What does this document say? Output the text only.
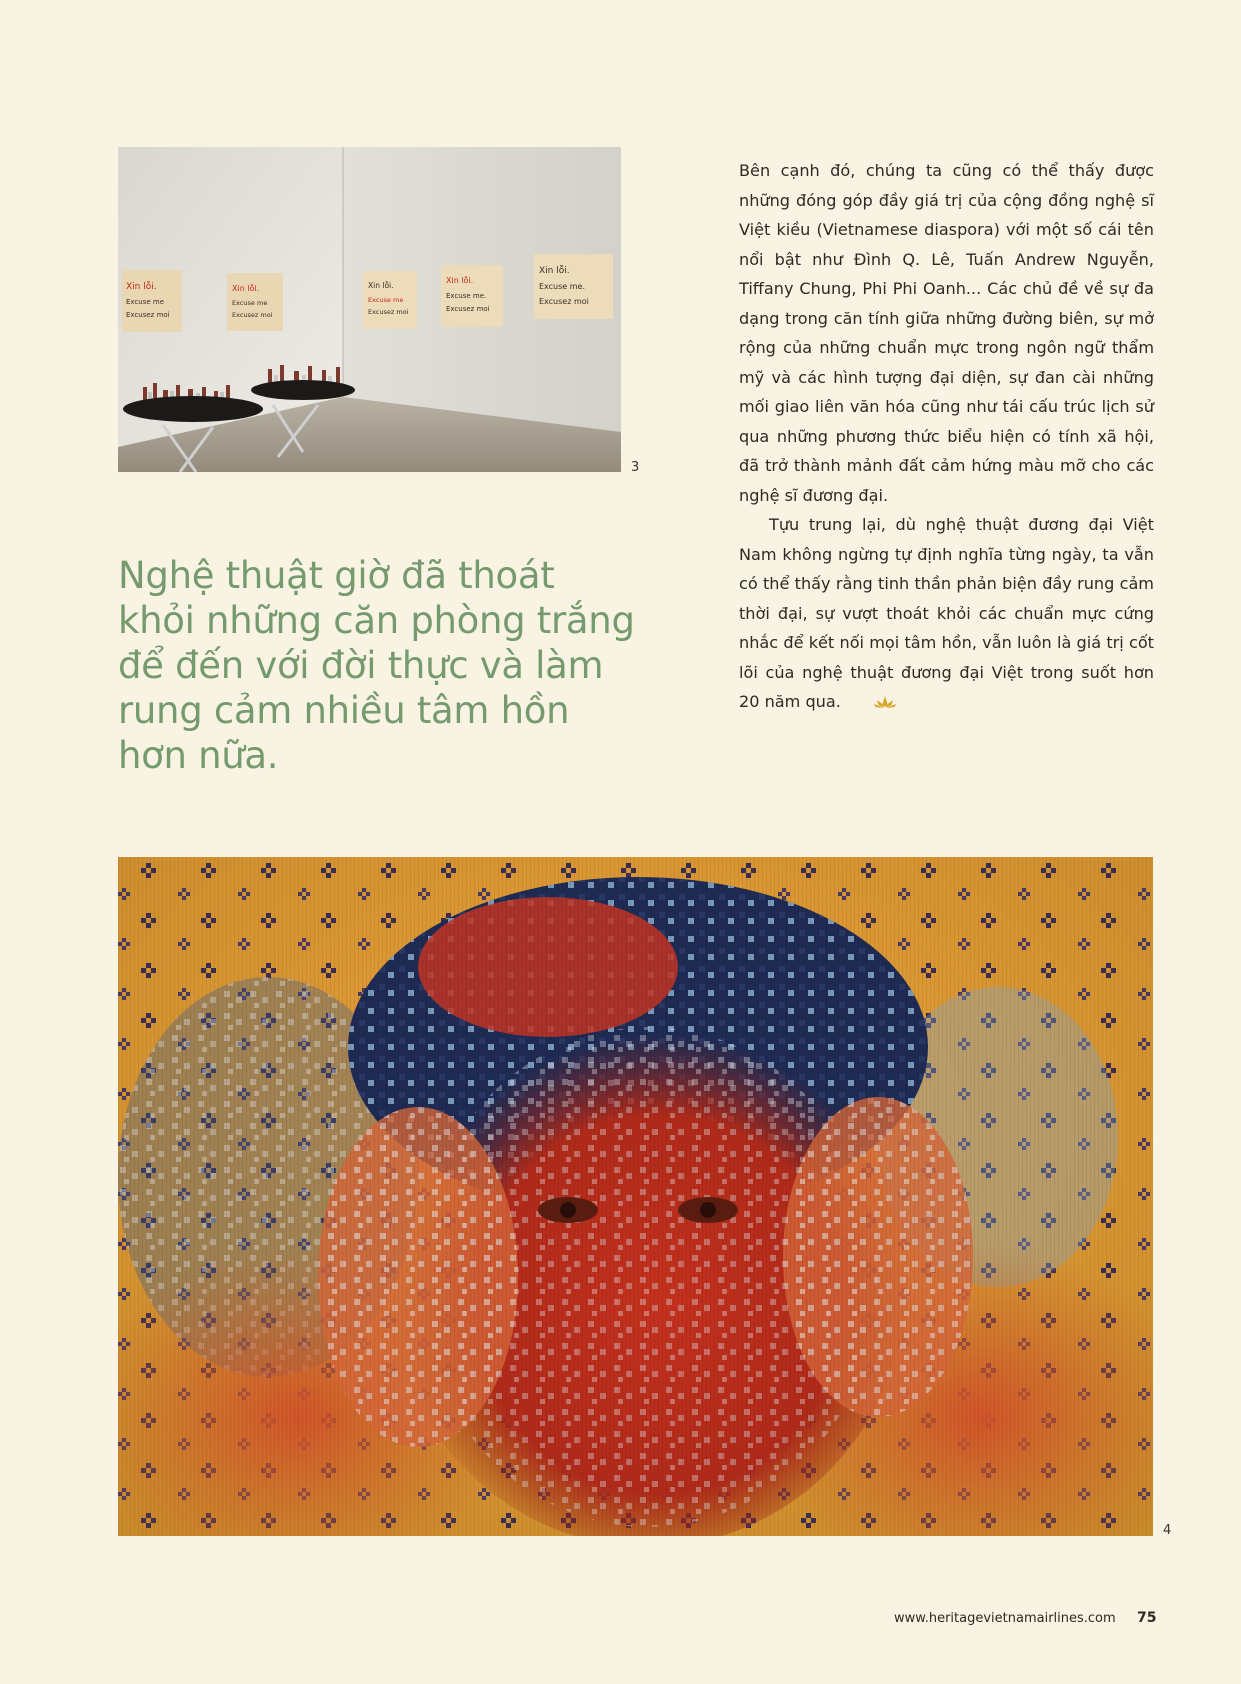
Xin lỗi.
Excuse me
Excusez moi
Xin lỗi.
Excuse me
Excusez moi
Xin lỗi.
Excuse me
Excusez moi
Xin lỗi.
Excuse me.
Excusez moi
Xin lỗi.
Excuse me.
Excusez moi
3
Nghệ thuật giờ đã thoát khỏi những căn phòng trắng để đến với đời thực và làm rung cảm nhiều tâm hồn hơn nữa.

Bên cạnh đó, chúng ta cũng có thể thấy được những đóng góp đầy giá trị của cộng đồng nghệ sĩ Việt kiều (Vietnamese diaspora) với một số cái tên nổi bật như Đình Q. Lê, Tuấn Andrew Nguyễn, Tiffany Chung, Phi Phi Oanh... Các chủ đề về sự đa dạng trong căn tính giữa những đường biên, sự mở rộng của những chuẩn mực trong ngôn ngữ thẩm mỹ và các hình tượng đại diện, sự đan cài những mối giao liên văn hóa cũng như tái cấu trúc lịch sử qua những phương thức biểu hiện có tính xã hội, đã trở thành mảnh đất cảm hứng màu mỡ cho các nghệ sĩ đương đại.

Tựu trung lại, dù nghệ thuật đương đại Việt Nam không ngừng tự định nghĩa từng ngày, ta vẫn có thể thấy rằng tinh thần phản biện đầy rung cảm thời đại, sự vượt thoát khỏi các chuẩn mực cứng nhắc để kết nối mọi tâm hồn, vẫn luôn là giá trị cốt lõi của nghệ thuật đương đại Việt trong suốt hơn 20 năm qua.

4
www.heritagevietnamairlines.com 75
